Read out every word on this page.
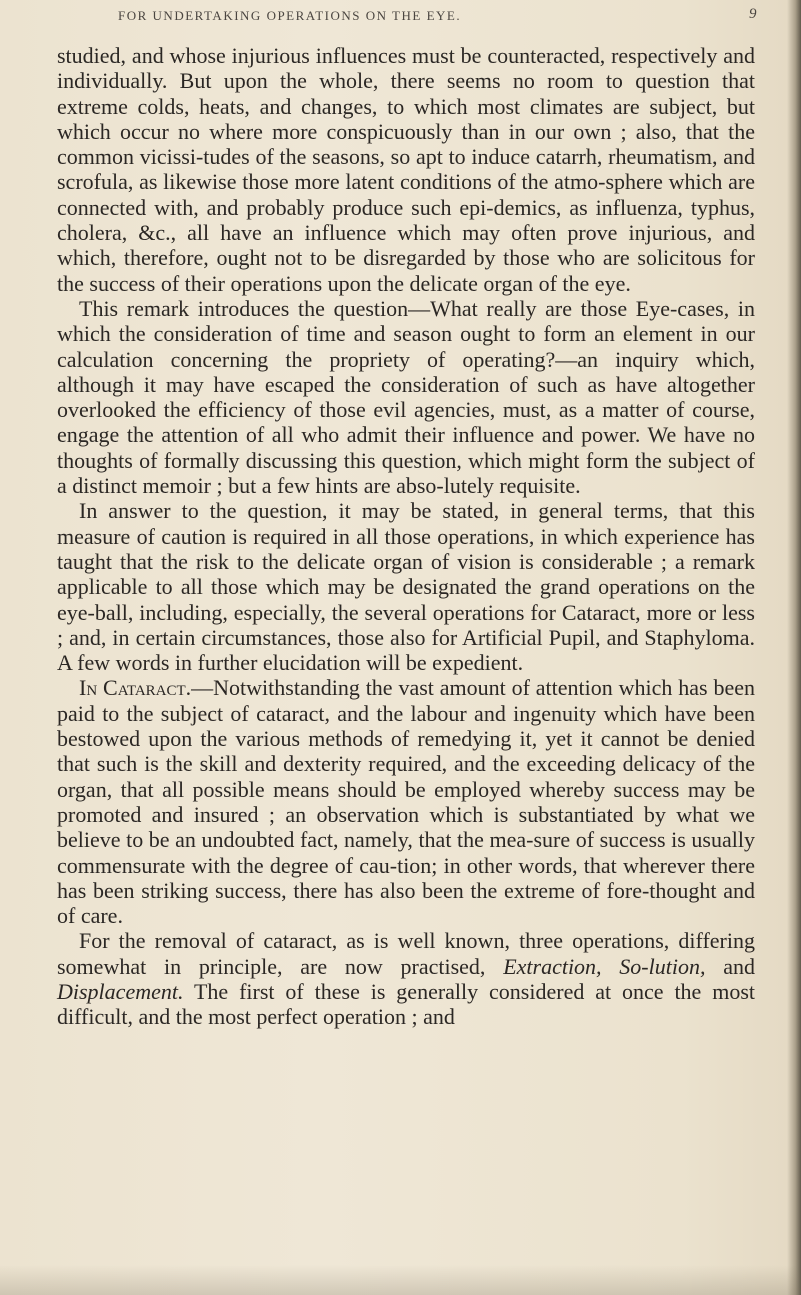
FOR UNDERTAKING OPERATIONS ON THE EYE.	9

studied, and whose injurious influences must be counteracted, respectively and individually. But upon the whole, there seems no room to question that extreme colds, heats, and changes, to which most climates are subject, but which occur no where more conspicuously than in our own ; also, that the common vicissi-tudes of the seasons, so apt to induce catarrh, rheumatism, and scrofula, as likewise those more latent conditions of the atmo-sphere which are connected with, and probably produce such epi-demics, as influenza, typhus, cholera, &c., all have an influence which may often prove injurious, and which, therefore, ought not to be disregarded by those who are solicitous for the success of their operations upon the delicate organ of the eye.

This remark introduces the question—What really are those Eye-cases, in which the consideration of time and season ought to form an element in our calculation concerning the propriety of operating?—an inquiry which, although it may have escaped the consideration of such as have altogether overlooked the efficiency of those evil agencies, must, as a matter of course, engage the attention of all who admit their influence and power. We have no thoughts of formally discussing this question, which might form the subject of a distinct memoir ; but a few hints are abso-lutely requisite.

In answer to the question, it may be stated, in general terms, that this measure of caution is required in all those operations, in which experience has taught that the risk to the delicate organ of vision is considerable ; a remark applicable to all those which may be designated the grand operations on the eye-ball, including, especially, the several operations for Cataract, more or less ; and, in certain circumstances, those also for Artificial Pupil, and Staphyloma. A few words in further elucidation will be expedient.

In Cataract.—Notwithstanding the vast amount of attention which has been paid to the subject of cataract, and the labour and ingenuity which have been bestowed upon the various methods of remedying it, yet it cannot be denied that such is the skill and dexterity required, and the exceeding delicacy of the organ, that all possible means should be employed whereby success may be promoted and insured ; an observation which is substantiated by what we believe to be an undoubted fact, namely, that the mea-sure of success is usually commensurate with the degree of cau-tion; in other words, that wherever there has been striking success, there has also been the extreme of fore-thought and of care.

For the removal of cataract, as is well known, three operations, differing somewhat in principle, are now practised, Extraction, So-lution, and Displacement. The first of these is generally considered at once the most difficult, and the most perfect operation ; and
